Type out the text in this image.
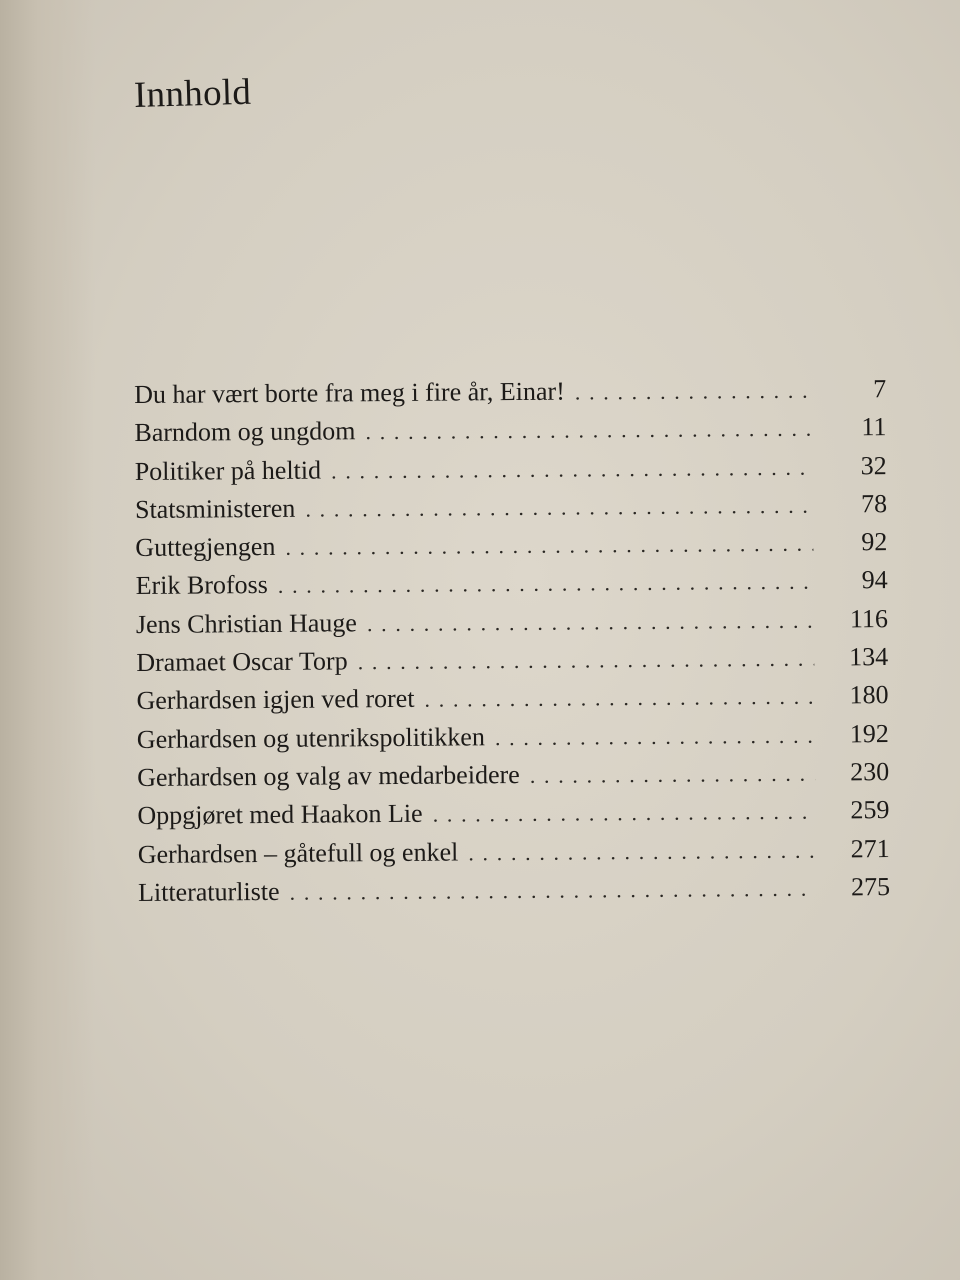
Innhold
Du har vært borte fra meg i fire år, Einar! . . .	7
Barndom og ungdom . . .	11
Politiker på heltid . . .	32
Statsministeren . . .	78
Guttegjengen . . .	92
Erik Brofoss . . .	94
Jens Christian Hauge . . .	116
Dramaet Oscar Torp . . .	134
Gerhardsen igjen ved roret . . .	180
Gerhardsen og utenrikspolitikken . . .	192
Gerhardsen og valg av medarbeidere . . .	230
Oppgjøret med Haakon Lie . . .	259
Gerhardsen – gåtefull og enkel . . .	271
Litteraturliste . . .	275
